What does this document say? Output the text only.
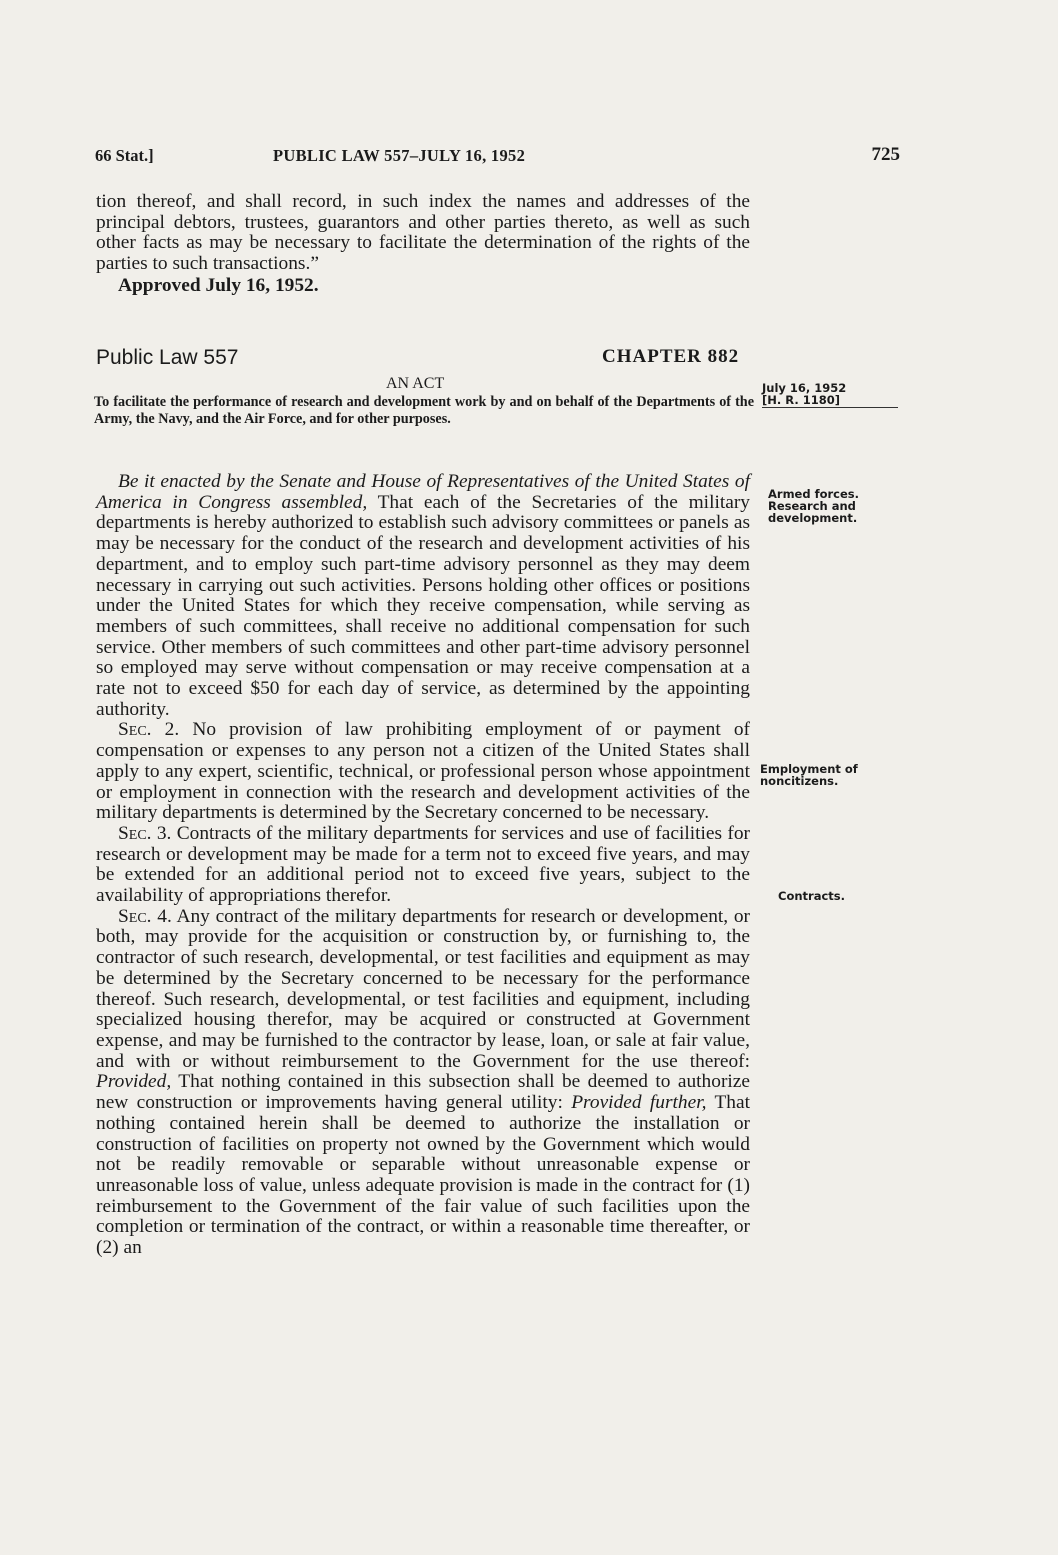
66 Stat.]	PUBLIC LAW 557–JULY 16, 1952	725

tion thereof, and shall record, in such index the names and addresses of the principal debtors, trustees, guarantors and other parties thereto, as well as such other facts as may be necessary to facilitate the determination of the rights of the parties to such transactions.”

Approved July 16, 1952.
Public Law 557	CHAPTER 882
AN ACT
To facilitate the performance of research and development work by and on behalf of the Departments of the Army, the Navy, and the Air Force, and for other purposes.
July 16, 1952
[H. R. 1180]

Be it enacted by the Senate and House of Representatives of the United States of America in Congress assembled, That each of the Secretaries of the military departments is hereby authorized to establish such advisory committees or panels as may be necessary for the conduct of the research and development activities of his department, and to employ such part-time advisory personnel as they may deem necessary in carrying out such activities. Persons holding other offices or positions under the United States for which they receive compensation, while serving as members of such committees, shall receive no additional compensation for such service. Other members of such committees and other part-time advisory personnel so employed may serve without compensation or may receive compensation at a rate not to exceed $50 for each day of service, as determined by the appointing authority.

Sec. 2. No provision of law prohibiting employment of or payment of compensation or expenses to any person not a citizen of the United States shall apply to any expert, scientific, technical, or professional person whose appointment or employment in connection with the research and development activities of the military departments is determined by the Secretary concerned to be necessary.

Sec. 3. Contracts of the military departments for services and use of facilities for research or development may be made for a term not to exceed five years, and may be extended for an additional period not to exceed five years, subject to the availability of appropriations therefor.

Sec. 4. Any contract of the military departments for research or development, or both, may provide for the acquisition or construction by, or furnishing to, the contractor of such research, developmental, or test facilities and equipment as may be determined by the Secretary concerned to be necessary for the performance thereof. Such research, developmental, or test facilities and equipment, including specialized housing therefor, may be acquired or constructed at Government expense, and may be furnished to the contractor by lease, loan, or sale at fair value, and with or without reimbursement to the Government for the use thereof: Provided, That nothing contained in this subsection shall be deemed to authorize new construction or improvements having general utility: Provided further, That nothing contained herein shall be deemed to authorize the installation or construction of facilities on property not owned by the Government which would not be readily removable or separable without unreasonable expense or unreasonable loss of value, unless adequate provision is made in the contract for (1) reimbursement to the Government of the fair value of such facilities upon the completion or termination of the contract, or within a reasonable time thereafter, or (2) an

Armed forces. Research and development.
Employment of noncitizens.
Contracts.
